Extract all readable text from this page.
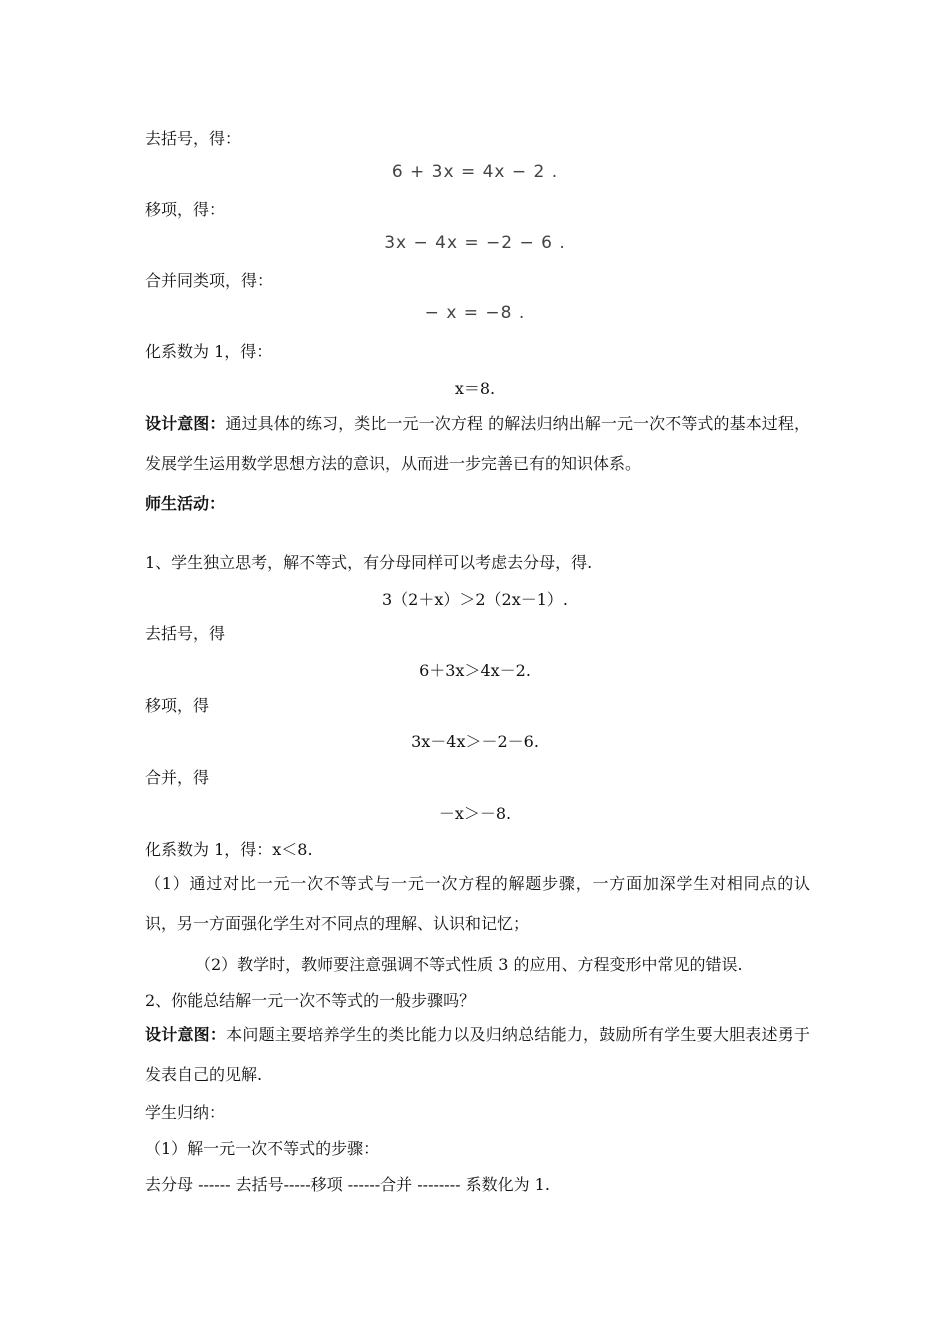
去括号，得：
6 + 3x = 4x − 2 .
移项，得：
3x − 4x = −2 − 6 .
合并同类项，得：
− x = −8 .
化系数为 1，得：
x＝8.
设计意图：通过具体的练习，类比一元一次方程 的解法归纳出解一元一次不等式的基本过程，发展学生运用数学思想方法的意识，从而进一步完善已有的知识体系。
师生活动：
1、学生独立思考，解不等式，有分母同样可以考虑去分母，得.
3（2＋x）＞2（2x－1）.
去括号，得
6＋3x＞4x－2.
移项，得
3x－4x＞－2－6.
合并，得
－x＞－8.
化系数为 1，得：x＜8.
（1）通过对比一元一次不等式与一元一次方程的解题步骤，一方面加深学生对相同点的认识，另一方面强化学生对不同点的理解、认识和记忆；
（2）教学时，教师要注意强调不等式性质 3 的应用、方程变形中常见的错误.
2、你能总结解一元一次不等式的一般步骤吗？
设计意图：本问题主要培养学生的类比能力以及归纳总结能力，鼓励所有学生要大胆表述勇于发表自己的见解.
学生归纳：
（1）解一元一次不等式的步骤：
去分母 ------ 去括号-----移项 ------合并 -------- 系数化为 1.
